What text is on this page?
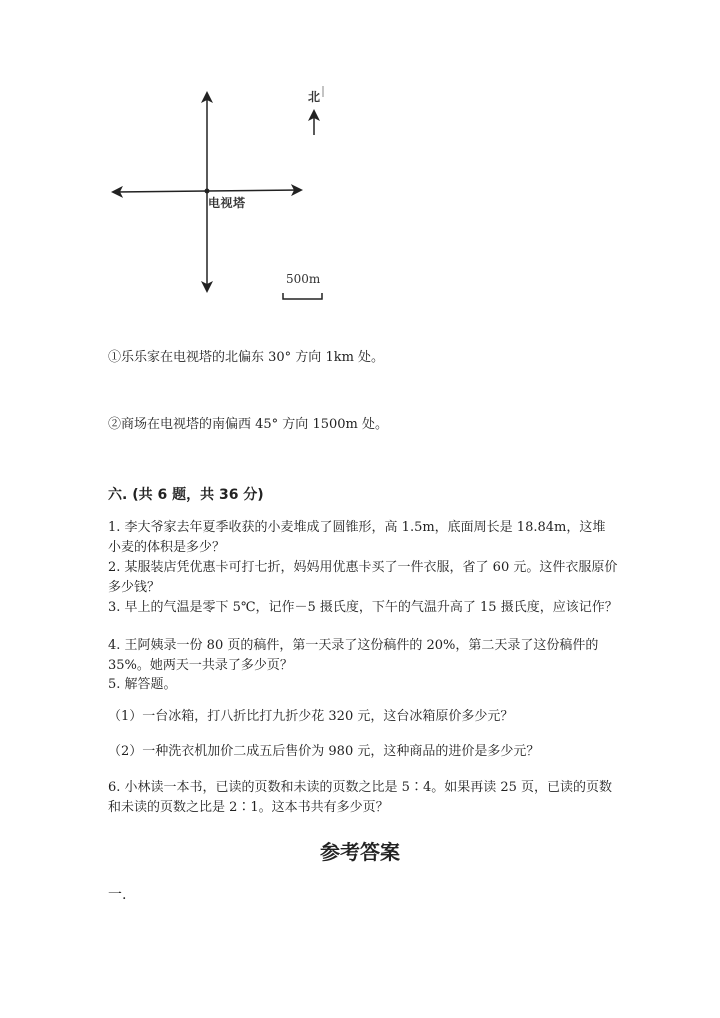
电视塔
北
500m
①乐乐家在电视塔的北偏东 30° 方向 1km 处。
②商场在电视塔的南偏西 45° 方向 1500m 处。
六. (共 6 题，共 36 分)
1. 李大爷家去年夏季收获的小麦堆成了圆锥形，高 1.5m，底面周长是 18.84m，这堆小麦的体积是多少？
2. 某服装店凭优惠卡可打七折，妈妈用优惠卡买了一件衣服，省了 60 元。这件衣服原价多少钱？
3. 早上的气温是零下 5℃，记作－5 摄氏度，下午的气温升高了 15 摄氏度，应该记作？
4. 王阿姨录一份 80 页的稿件，第一天录了这份稿件的 20%，第二天录了这份稿件的 35%。她两天一共录了多少页？
5. 解答题。
（1）一台冰箱，打八折比打九折少花 320 元，这台冰箱原价多少元？
（2）一种洗衣机加价二成五后售价为 980 元，这种商品的进价是多少元？
6. 小林读一本书，已读的页数和未读的页数之比是 5∶4。如果再读 25 页，已读的页数和未读的页数之比是 2∶1。这本书共有多少页？
参考答案
一.
